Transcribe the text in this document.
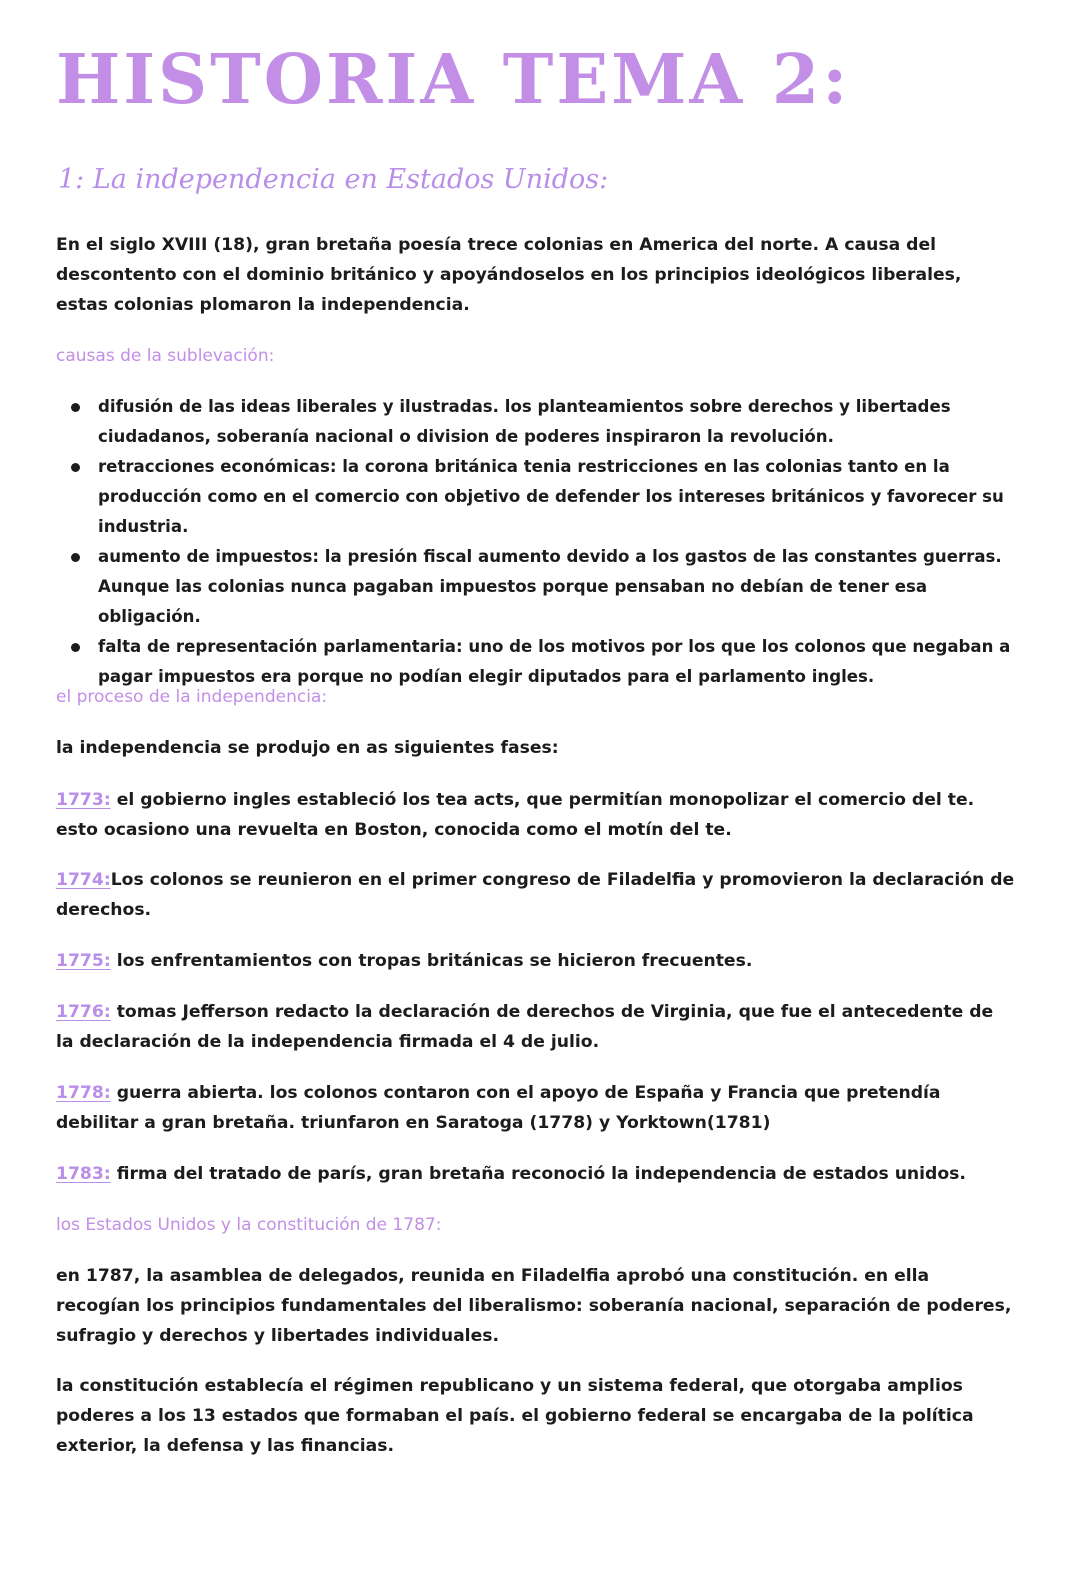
HISTORIA TEMA 2:
1: La independencia en Estados Unidos:

En el siglo XVIII (18), gran bretaña poesía trece colonias en America del norte. A causa del descontento con el dominio británico y apoyándoselos en los principios ideológicos liberales, estas colonias plomaron la independencia.

causas de la sublevación:
difusión de las ideas liberales y ilustradas. los planteamientos sobre derechos y libertades ciudadanos, soberanía nacional o division de poderes inspiraron la revolución.
retracciones económicas: la corona británica tenia restricciones en las colonias tanto en la producción como en el comercio con objetivo de defender los intereses británicos y favorecer su industria.
aumento de impuestos: la presión fiscal aumento devido a los gastos de las constantes guerras. Aunque las colonias nunca pagaban impuestos porque pensaban no debían de tener esa obligación.
falta de representación parlamentaria: uno de los motivos por los que los colonos que negaban a pagar impuestos era porque no podían elegir diputados para el parlamento ingles.
el proceso de la independencia:

la independencia se produjo en as siguientes fases:

1773: el gobierno ingles estableció los tea acts, que permitían monopolizar el comercio del te. esto ocasiono una revuelta en Boston, conocida como el motín del te.

1774:Los colonos se reunieron en el primer congreso de Filadelfia y promovieron la declaración de derechos.

1775: los enfrentamientos con tropas británicas se hicieron frecuentes.

1776: tomas Jefferson redacto la declaración de derechos de Virginia, que fue el antecedente de la declaración de la independencia firmada el 4 de julio.

1778: guerra abierta. los colonos contaron con el apoyo de España y Francia que pretendía debilitar a gran bretaña. triunfaron en Saratoga (1778) y Yorktown(1781)

1783: firma del tratado de parís, gran bretaña reconoció la independencia de estados unidos.

los Estados Unidos y la constitución de 1787:

en 1787, la asamblea de delegados, reunida en Filadelfia aprobó una constitución. en ella recogían los principios fundamentales del liberalismo: soberanía nacional, separación de poderes, sufragio y derechos y libertades individuales.

la constitución establecía el régimen republicano y un sistema federal, que otorgaba amplios poderes a los 13 estados que formaban el país. el gobierno federal se encargaba de la política exterior, la defensa y las financias.
